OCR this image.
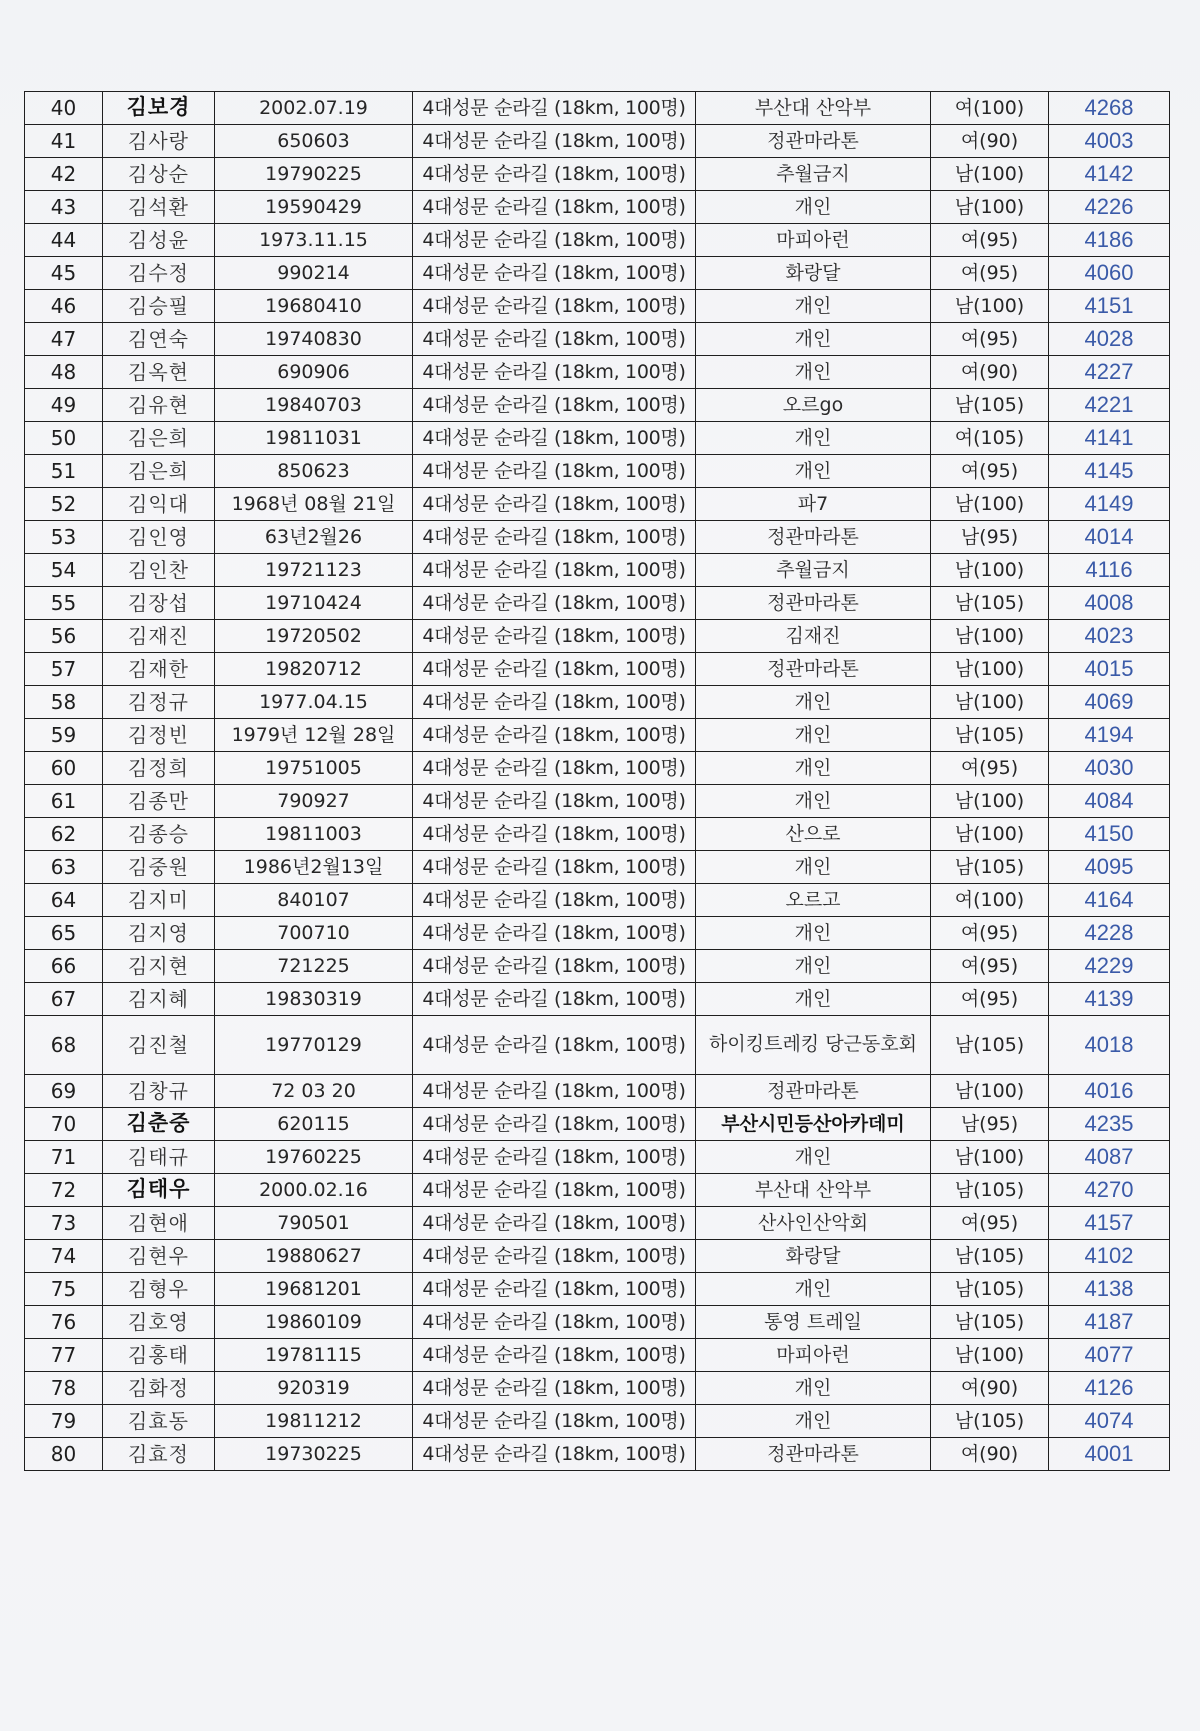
40	김보경	2002.07.19	4대성문 순라길 (18km, 100명)	부산대 산악부	여(100)	4268
41	김사랑	650603	4대성문 순라길 (18km, 100명)	정관마라톤	여(90)	4003
42	김상순	19790225	4대성문 순라길 (18km, 100명)	추월금지	남(100)	4142
43	김석환	19590429	4대성문 순라길 (18km, 100명)	개인	남(100)	4226
44	김성윤	1973.11.15	4대성문 순라길 (18km, 100명)	마피아런	여(95)	4186
45	김수정	990214	4대성문 순라길 (18km, 100명)	화랑달	여(95)	4060
46	김승필	19680410	4대성문 순라길 (18km, 100명)	개인	남(100)	4151
47	김연숙	19740830	4대성문 순라길 (18km, 100명)	개인	여(95)	4028
48	김옥현	690906	4대성문 순라길 (18km, 100명)	개인	여(90)	4227
49	김유현	19840703	4대성문 순라길 (18km, 100명)	오르go	남(105)	4221
50	김은희	19811031	4대성문 순라길 (18km, 100명)	개인	여(105)	4141
51	김은희	850623	4대성문 순라길 (18km, 100명)	개인	여(95)	4145
52	김익대	1968년 08월 21일	4대성문 순라길 (18km, 100명)	파7	남(100)	4149
53	김인영	63년2월26	4대성문 순라길 (18km, 100명)	정관마라톤	남(95)	4014
54	김인찬	19721123	4대성문 순라길 (18km, 100명)	추월금지	남(100)	4116
55	김장섭	19710424	4대성문 순라길 (18km, 100명)	정관마라톤	남(105)	4008
56	김재진	19720502	4대성문 순라길 (18km, 100명)	김재진	남(100)	4023
57	김재한	19820712	4대성문 순라길 (18km, 100명)	정관마라톤	남(100)	4015
58	김정규	1977.04.15	4대성문 순라길 (18km, 100명)	개인	남(100)	4069
59	김정빈	1979년 12월 28일	4대성문 순라길 (18km, 100명)	개인	남(105)	4194
60	김정희	19751005	4대성문 순라길 (18km, 100명)	개인	여(95)	4030
61	김종만	790927	4대성문 순라길 (18km, 100명)	개인	남(100)	4084
62	김종승	19811003	4대성문 순라길 (18km, 100명)	산으로	남(100)	4150
63	김중원	1986년2월13일	4대성문 순라길 (18km, 100명)	개인	남(105)	4095
64	김지미	840107	4대성문 순라길 (18km, 100명)	오르고	여(100)	4164
65	김지영	700710	4대성문 순라길 (18km, 100명)	개인	여(95)	4228
66	김지현	721225	4대성문 순라길 (18km, 100명)	개인	여(95)	4229
67	김지혜	19830319	4대성문 순라길 (18km, 100명)	개인	여(95)	4139
68	김진철	19770129	4대성문 순라길 (18km, 100명)	하이킹트레킹 당근동호회	남(105)	4018
69	김창규	72 03 20	4대성문 순라길 (18km, 100명)	정관마라톤	남(100)	4016
70	김춘중	620115	4대성문 순라길 (18km, 100명)	부산시민등산아카데미	남(95)	4235
71	김태규	19760225	4대성문 순라길 (18km, 100명)	개인	남(100)	4087
72	김태우	2000.02.16	4대성문 순라길 (18km, 100명)	부산대 산악부	남(105)	4270
73	김현애	790501	4대성문 순라길 (18km, 100명)	산사인산악회	여(95)	4157
74	김현우	19880627	4대성문 순라길 (18km, 100명)	화랑달	남(105)	4102
75	김형우	19681201	4대성문 순라길 (18km, 100명)	개인	남(105)	4138
76	김호영	19860109	4대성문 순라길 (18km, 100명)	통영 트레일	남(105)	4187
77	김홍태	19781115	4대성문 순라길 (18km, 100명)	마피아런	남(100)	4077
78	김화정	920319	4대성문 순라길 (18km, 100명)	개인	여(90)	4126
79	김효동	19811212	4대성문 순라길 (18km, 100명)	개인	남(105)	4074
80	김효정	19730225	4대성문 순라길 (18km, 100명)	정관마라톤	여(90)	4001
